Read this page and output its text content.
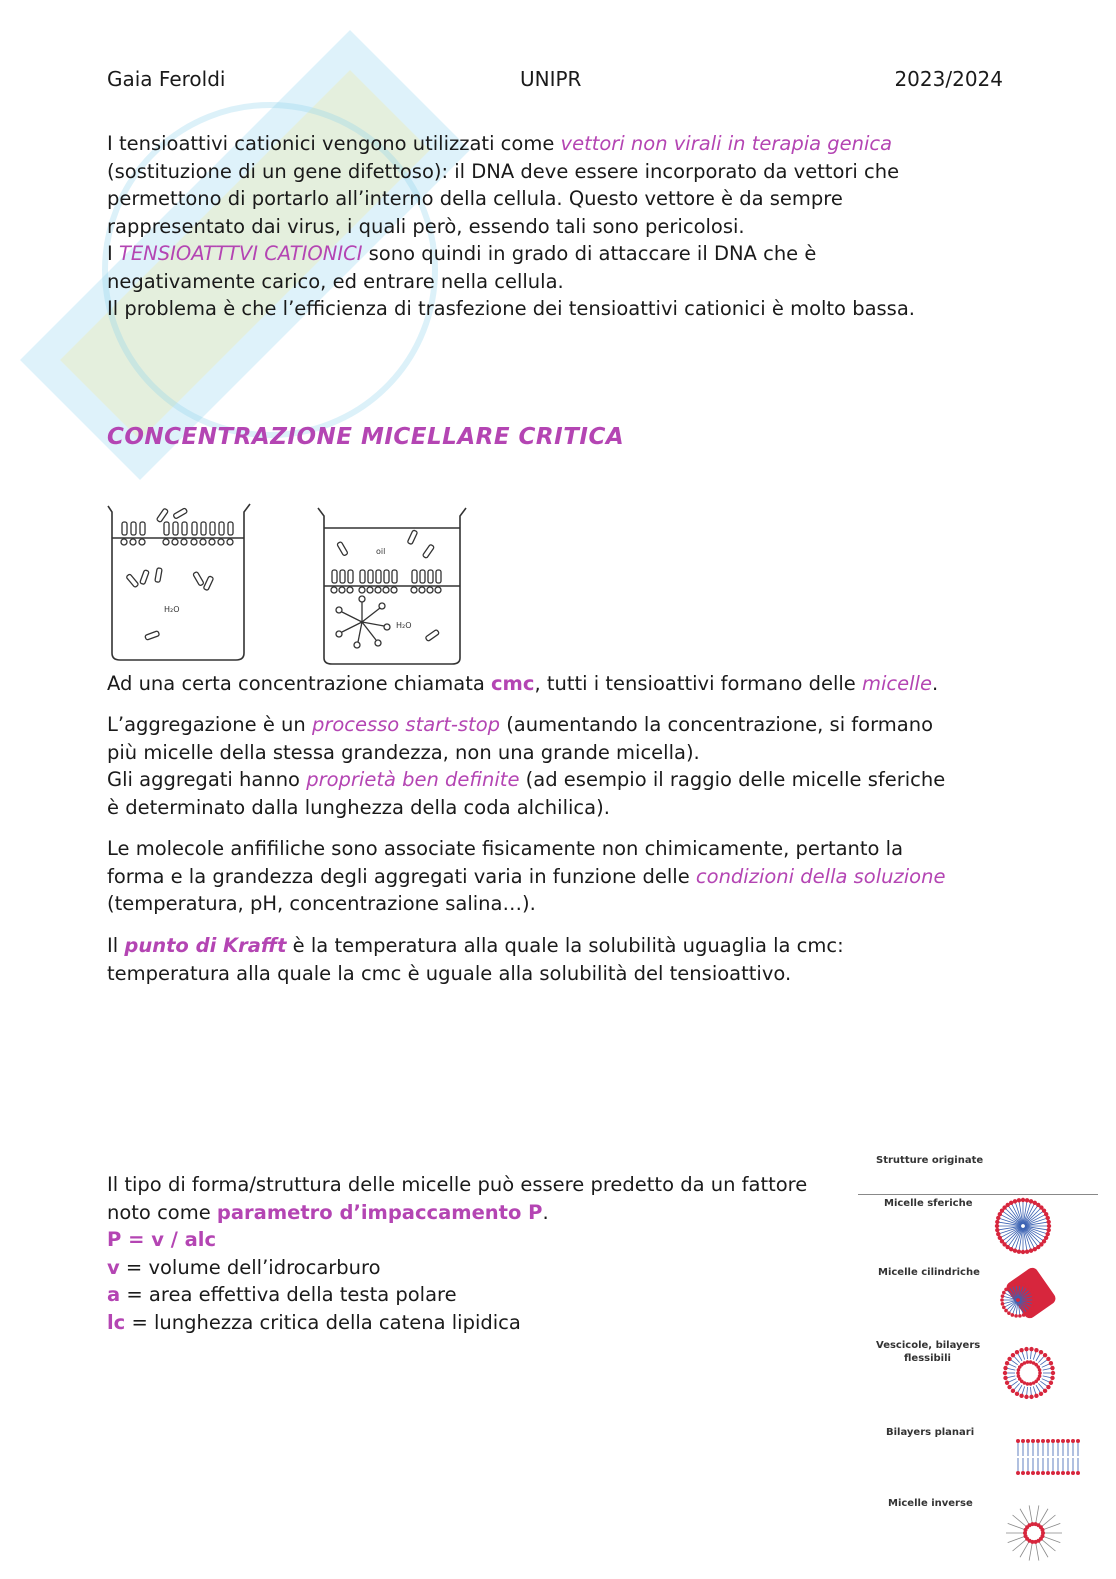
Gaia Feroldi	UNIPR	2023/2024
I tensioattivi cationici vengono utilizzati come vettori non virali in terapia genica
(sostituzione di un gene difettoso): il DNA deve essere incorporato da vettori che
permettono di portarlo all’interno della cellula. Questo vettore è da sempre
rappresentato dai virus, i quali però, essendo tali sono pericolosi.
I TENSIOATTTVI CATIONICI sono quindi in grado di attaccare il DNA che è
negativamente carico, ed entrare nella cellula.
Il problema è che l’efficienza di trasfezione dei tensioattivi cationici è molto bassa.
CONCENTRAZIONE MICELLARE CRITICA
H₂O
oil
H₂O
Ad una certa concentrazione chiamata cmc, tutti i tensioattivi formano delle micelle.
L’aggregazione è un processo start-stop (aumentando la concentrazione, si formano
più micelle della stessa grandezza, non una grande micella).
Gli aggregati hanno proprietà ben definite (ad esempio il raggio delle micelle sferiche
è determinato dalla lunghezza della coda alchilica).
Le molecole anfifiliche sono associate fisicamente non chimicamente, pertanto la
forma e la grandezza degli aggregati varia in funzione delle condizioni della soluzione
(temperatura, pH, concentrazione salina…).
Il punto di Krafft è la temperatura alla quale la solubilità uguaglia la cmc:
temperatura alla quale la cmc è uguale alla solubilità del tensioattivo.
Il tipo di forma/struttura delle micelle può essere predetto da un fattore
noto come parametro d’impaccamento P.
P = v / alc
v = volume dell’idrocarburo
a = area effettiva della testa polare
lc = lunghezza critica della catena lipidica
Strutture originate
Micelle sferiche
Micelle cilindriche
Vescicole, bilayers
flessibili
Bilayers planari
Micelle inverse
